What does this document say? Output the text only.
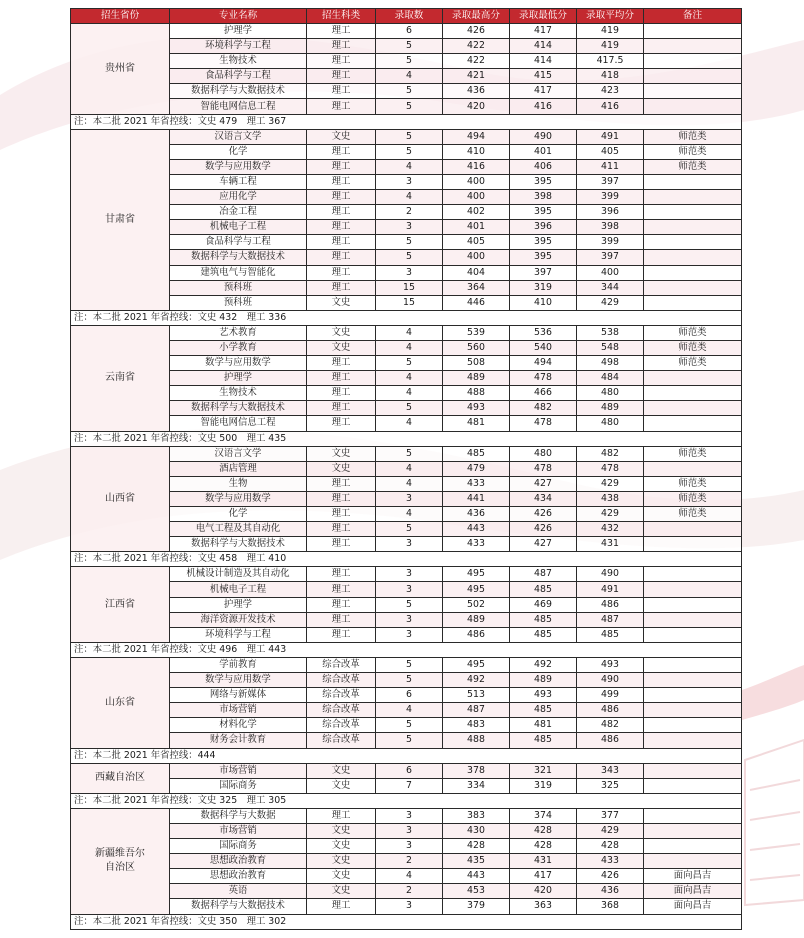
招生省份	专业名称	招生科类	录取数	录取最高分	录取最低分	录取平均分	备注
贵州省	护理学	理工	6	426	417	419	
	环境科学与工程	理工	5	422	414	419	
	生物技术	理工	5	422	414	417.5	
	食品科学与工程	理工	4	421	415	418	
	数据科学与大数据技术	理工	5	436	417	423	
	智能电网信息工程	理工	5	420	416	416	
注：本二批 2021 年省控线：文史 479　理工 367							
甘肃省	汉语言文学	文史	5	494	490	491	师范类
	化学	理工	5	410	401	405	师范类
	数学与应用数学	理工	4	416	406	411	师范类
	车辆工程	理工	3	400	395	397	
	应用化学	理工	4	400	398	399	
	冶金工程	理工	2	402	395	396	
	机械电子工程	理工	3	401	396	398	
	食品科学与工程	理工	5	405	395	399	
	数据科学与大数据技术	理工	5	400	395	397	
	建筑电气与智能化	理工	3	404	397	400	
	预科班	理工	15	364	319	344	
	预科班	文史	15	446	410	429	
注：本二批 2021 年省控线：文史 432　理工 336							
云南省	艺术教育	文史	4	539	536	538	师范类
	小学教育	文史	4	560	540	548	师范类
	数学与应用数学	理工	5	508	494	498	师范类
	护理学	理工	4	489	478	484	
	生物技术	理工	4	488	466	480	
	数据科学与大数据技术	理工	5	493	482	489	
	智能电网信息工程	理工	4	481	478	480	
注：本二批 2021 年省控线：文史 500　理工 435							
山西省	汉语言文学	文史	5	485	480	482	师范类
	酒店管理	文史	4	479	478	478	
	生物	理工	4	433	427	429	师范类
	数学与应用数学	理工	3	441	434	438	师范类
	化学	理工	4	436	426	429	师范类
	电气工程及其自动化	理工	5	443	426	432	
	数据科学与大数据技术	理工	3	433	427	431	
注：本二批 2021 年省控线：文史 458　理工 410							
江西省	机械设计制造及其自动化	理工	3	495	487	490	
	机械电子工程	理工	3	495	485	491	
	护理学	理工	5	502	469	486	
	海洋资源开发技术	理工	3	489	485	487	
	环境科学与工程	理工	3	486	485	485	
注：本二批 2021 年省控线：文史 496　理工 443							
山东省	学前教育	综合改革	5	495	492	493	
	数学与应用数学	综合改革	5	492	489	490	
	网络与新媒体	综合改革	6	513	493	499	
	市场营销	综合改革	4	487	485	486	
	材料化学	综合改革	5	483	481	482	
	财务会计教育	综合改革	5	488	485	486	
注：本二批 2021 年省控线：444							
西藏自治区	市场营销	文史	6	378	321	343	
	国际商务	文史	7	334	319	325	
注：本二批 2021 年省控线：文史 325　理工 305							
新疆维吾尔
自治区	数据科学与大数据	理工	3	383	374	377	
	市场营销	文史	3	430	428	429	
	国际商务	文史	3	428	428	428	
	思想政治教育	文史	2	435	431	433	
	思想政治教育	文史	4	443	417	426	面向昌吉
	英语	文史	2	453	420	436	面向昌吉
	数据科学与大数据技术	理工	3	379	363	368	面向昌吉
注：本二批 2021 年省控线：文史 350　理工 302							
